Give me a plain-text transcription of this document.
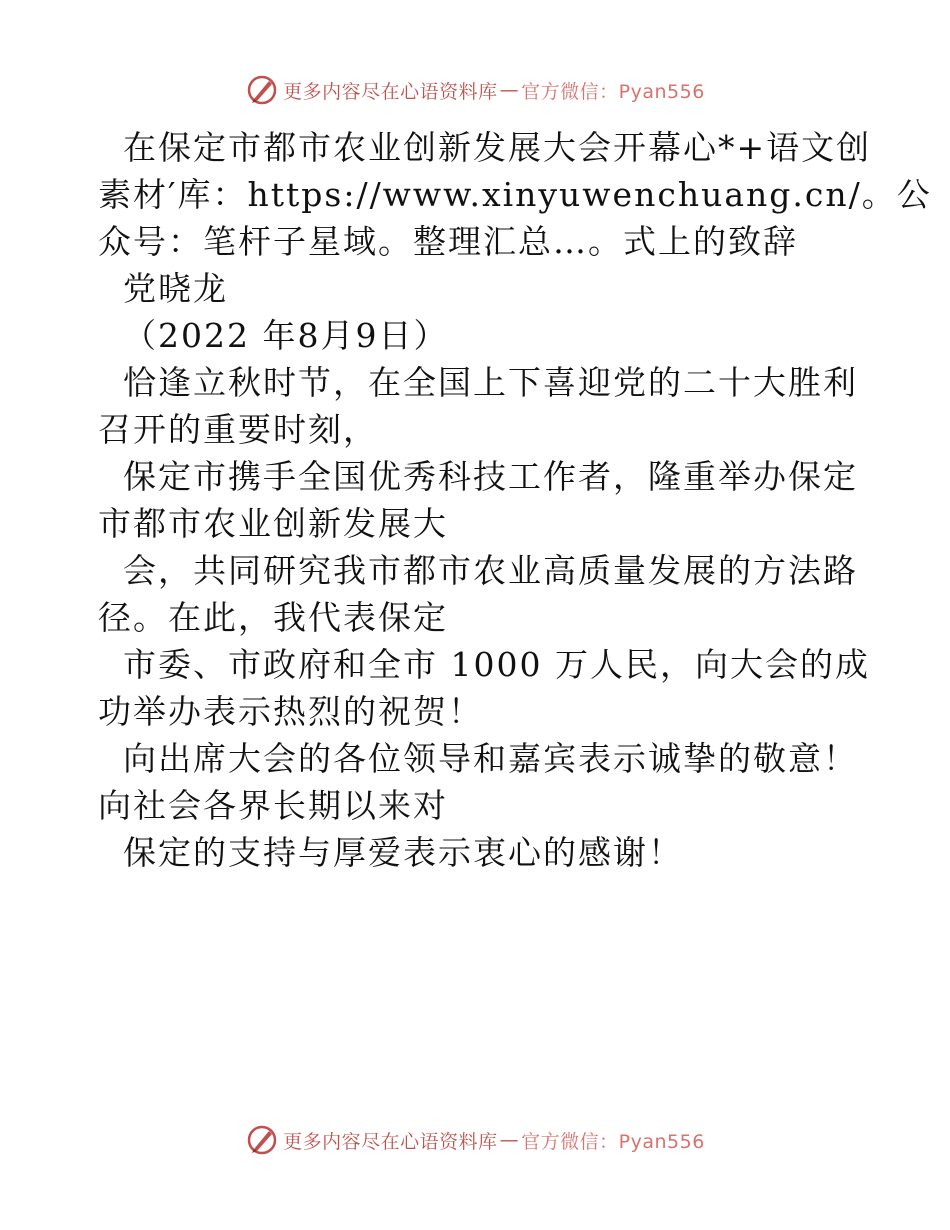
更多内容尽在心语资料库 — 官方微信：Pyan556

在保定市都市农业创新发展大会开幕心*+语文创

素材′库：https://www.xinyuwenchuang.cn/。公

众号：笔杆子星域。整理汇总…。式上的致辞

党晓龙

（2022 年8月9日）

恰逢立秋时节，在全国上下喜迎党的二十大胜利

召开的重要时刻，

保定市携手全国优秀科技工作者，隆重举办保定

市都市农业创新发展大

会，共同研究我市都市农业高质量发展的方法路

径。在此，我代表保定

市委、市政府和全市 1000 万人民，向大会的成

功举办表示热烈的祝贺！

向出席大会的各位领导和嘉宾表示诚挚的敬意！

向社会各界长期以来对

保定的支持与厚爱表示衷心的感谢！

更多内容尽在心语资料库 — 官方微信：Pyan556
